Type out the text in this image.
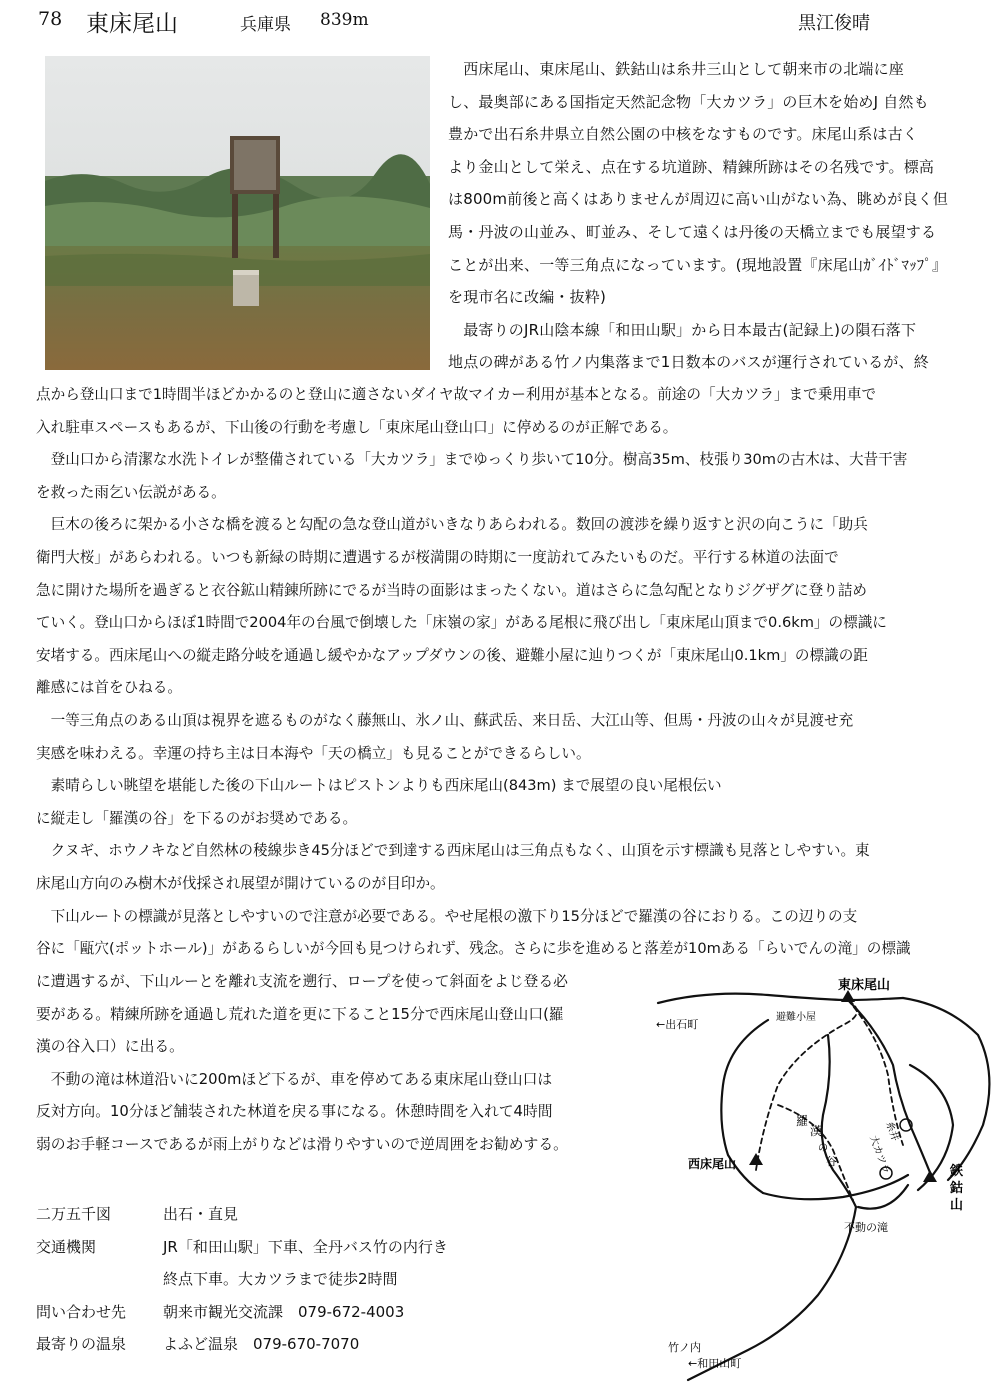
78 東床尾山	兵庫県 839m	黒江俊晴
　西床尾山、東床尾山、鉄鈷山は糸井三山として朝来市の北端に座
し、最奥部にある国指定天然記念物「大カツラ」の巨木を始めJ 自然も
豊かで出石糸井県立自然公園の中核をなすものです。床尾山系は古く
より金山として栄え、点在する坑道跡、精錬所跡はその名残です。標高
は800m前後と高くはありませんが周辺に高い山がない為、眺めが良く但
馬・丹波の山並み、町並み、そして遠くは丹後の天橋立までも展望する
ことが出来、一等三角点になっています。(現地設置『床尾山ｶﾞｲﾄﾞﾏｯﾌﾟ』
を現市名に改編・抜粋)
　最寄りのJR山陰本線「和田山駅」から日本最古(記録上)の隕石落下
地点の碑がある竹ノ内集落まで1日数本のバスが運行されているが、終
点から登山口まで1時間半ほどかかるのと登山に適さないダイヤ故マイカー利用が基本となる。前途の「大カツラ」まで乗用車で
入れ駐車スペースもあるが、下山後の行動を考慮し「東床尾山登山口」に停めるのが正解である。
　登山口から清潔な水洗トイレが整備されている「大カツラ」までゆっくり歩いて10分。樹高35m、枝張り30mの古木は、大昔干害
を救った雨乞い伝説がある。
　巨木の後ろに架かる小さな橋を渡ると勾配の急な登山道がいきなりあらわれる。数回の渡渉を繰り返すと沢の向こうに「助兵
衛門大桜」があらわれる。いつも新緑の時期に遭遇するが桜満開の時期に一度訪れてみたいものだ。平行する林道の法面で
急に開けた場所を過ぎると衣谷鉱山精錬所跡にでるが当時の面影はまったくない。道はさらに急勾配となりジグザグに登り詰め
ていく。登山口からほぼ1時間で2004年の台風で倒壊した「床嶺の家」がある尾根に飛び出し「東床尾山頂まで0.6km」の標識に
安堵する。西床尾山への縦走路分岐を通過し緩やかなアップダウンの後、避難小屋に辿りつくが「東床尾山0.1km」の標識の距
離感には首をひねる。
　一等三角点のある山頂は視界を遮るものがなく藤無山、氷ノ山、蘇武岳、来日岳、大江山等、但馬・丹波の山々が見渡せ充
実感を味わえる。幸運の持ち主は日本海や「天の橋立」も見ることができるらしい。
　素晴らしい眺望を堪能した後の下山ルートはピストンよりも西床尾山(843m) まで展望の良い尾根伝い
に縦走し「羅漢の谷」を下るのがお奨めである。
　クヌギ、ホウノキなど自然林の稜線歩き45分ほどで到達する西床尾山は三角点もなく、山頂を示す標識も見落としやすい。東
床尾山方向のみ樹木が伐採され展望が開けているのが目印か。
　下山ルートの標識が見落としやすいので注意が必要である。やせ尾根の激下り15分ほどで羅漢の谷におりる。この辺りの支
谷に「甌穴(ポットホール)」があるらしいが今回も見つけられず、残念。さらに歩を進めると落差が10mある「らいでんの滝」の標識
に遭遇するが、下山ルーとを離れ支流を遡行、ロープを使って斜面をよじ登る必
要がある。精練所跡を通過し荒れた道を更に下ること15分で西床尾山登山口(羅
漢の谷入口）に出る。
　不動の滝は林道沿いに200mほど下るが、車を停めてある東床尾山登山口は
反対方向。10分ほど舗装された林道を戻る事になる。休憩時間を入れて4時間
弱のお手軽コースであるが雨上がりなどは滑りやすいので逆周囲をお勧めする。
二万五千図	出石・直見
交通機関	JR「和田山駅」下車、全丹バス竹の内行き
終点下車。大カツラまで徒歩2時間
問い合わせ先	朝来市観光交流課　079-672-4003
最寄りの温泉	よふど温泉　079-670-7070
東床尾山
←出石町
避難小屋
西床尾山	鉄
鈷
山
羅
漢
の
谷	大カツラ
糸井
不動の滝
竹ノ内
←和田山町
